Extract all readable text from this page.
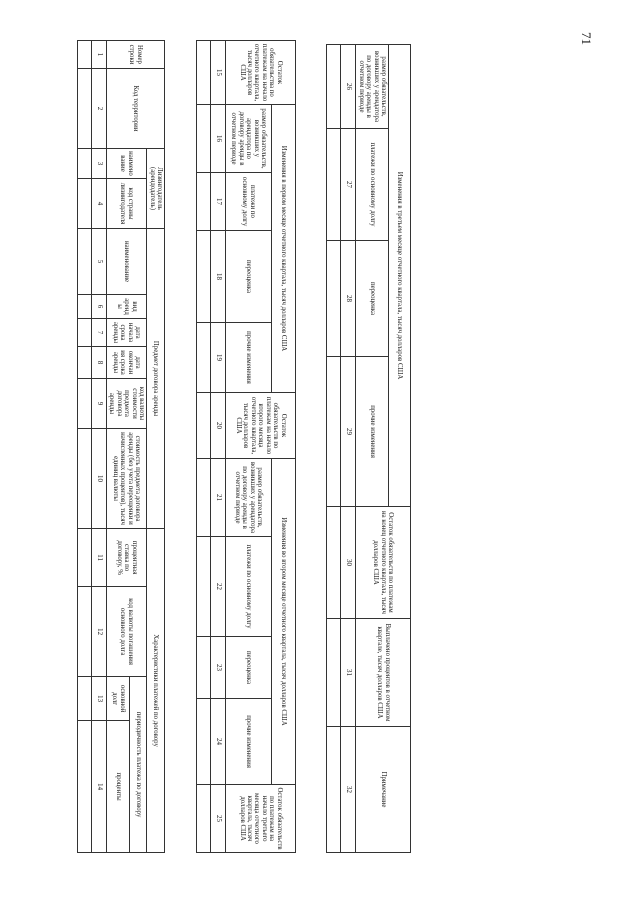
71
Номер строки	Код территории	Лизингодатель (арендодатель)		Предмет договора аренды						Характеристики платежей по договору			
		наименование	код страны лизингодателя	наименование	вид аренды	дата начала срока аренды	дата окончания срока аренды	код валюты стоимости предмета договора аренды	стоимость предмета договора аренды (без учета переоценки и начисленных процентов), тысяч единиц валюты	процентная ставка по договору, %	код валюты погашения основного долга	периодичность платежа по договору	
												основной долг	проценты
1	2	3	4	5	6	7	8	9	10	11	12	13	14

Остаток обязательства по платежам на начало отчетного квартала, тысяч долларов США	Изменения в первом месяце отчетного квартала, тысяч долларов США				Остаток обязательств по платежам на начало второго месяца отчетного квартала, тысяч долларов США	Изменения во втором месяце отчетного квартала, тысяч долларов США				Остаток обязательств по платежам на начало третьего месяца отчетного квартала, тысяч долларов США
	размер обязательств, возникших у арендатора по договору аренды в отчетном периоде	платежи по основному долгу	переоценка	прочие изменения		размер обязательств, возникших у арендатора по договору аренды в отчетном периоде	платежи по основному долгу	переоценка	прочие изменения	
15	16	17	18	19	20	21	22	23	24	25

Изменения в третьем месяце отчетного квартала, тысяч долларов США				Остаток обязательств по платежам на конец отчетного квартала, тысяч долларов США	Выплачено процентов в отчетном квартале, тысяч долларов США	Примечание
размер обязательств, возникших у арендатора по договору аренды в отчетном периоде	платежи по основному долгу	переоценка	прочие изменения			
26	27	28	29	30	31	32
